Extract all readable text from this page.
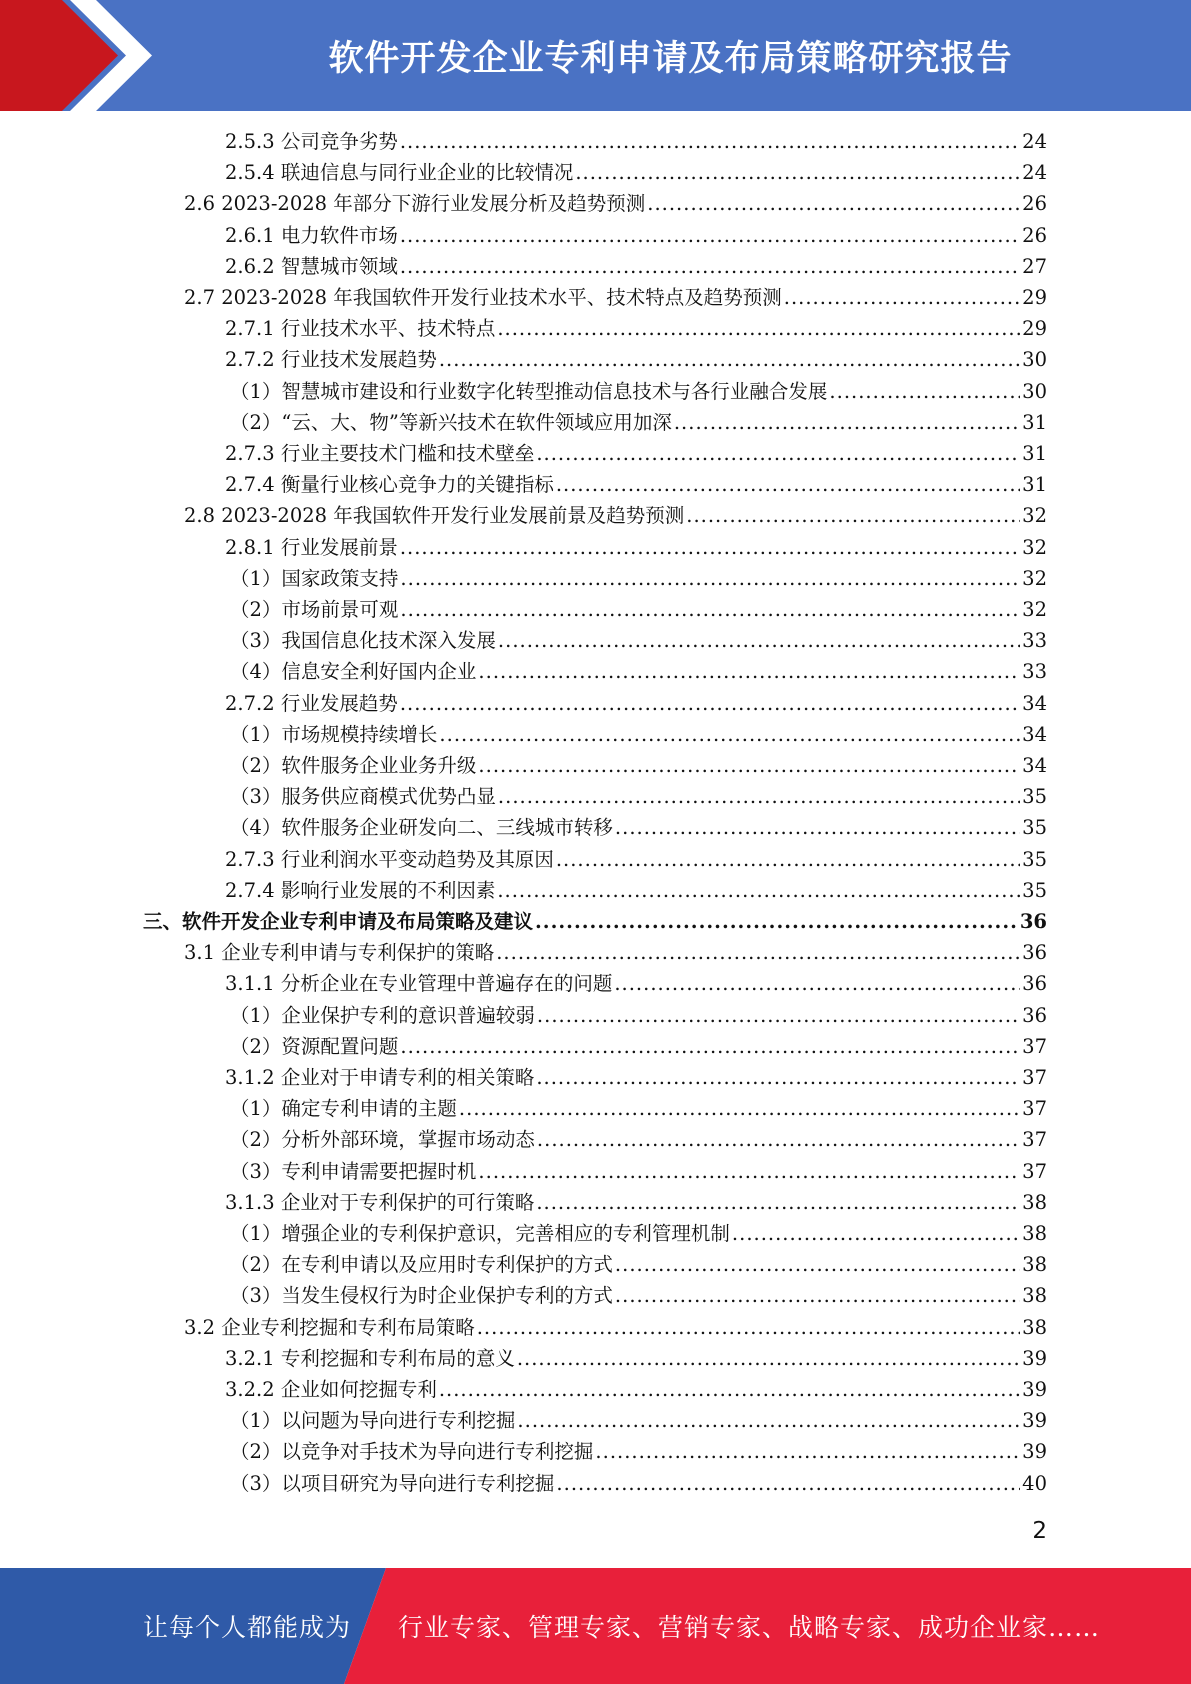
软件开发企业专利申请及布局策略研究报告
2.5.3 公司竞争劣势 .....	24
2.5.4 联迪信息与同行业企业的比较情况 .....	24
2.6 2023-2028 年部分下游行业发展分析及趋势预测 .....	26
2.6.1 电力软件市场 .....	26
2.6.2 智慧城市领域 .....	27
2.7 2023-2028 年我国软件开发行业技术水平、技术特点及趋势预测 .....	29
2.7.1 行业技术水平、技术特点 .....	29
2.7.2 行业技术发展趋势 .....	30
（1）智慧城市建设和行业数字化转型推动信息技术与各行业融合发展 .....	30
（2）“云、大、物”等新兴技术在软件领域应用加深 .....	31
2.7.3 行业主要技术门槛和技术壁垒 .....	31
2.7.4 衡量行业核心竞争力的关键指标 .....	31
2.8 2023-2028 年我国软件开发行业发展前景及趋势预测 .....	32
2.8.1 行业发展前景 .....	32
（1）国家政策支持 .....	32
（2）市场前景可观 .....	32
（3）我国信息化技术深入发展 .....	33
（4）信息安全利好国内企业 .....	33
2.7.2 行业发展趋势 .....	34
（1）市场规模持续增长 .....	34
（2）软件服务企业业务升级 .....	34
（3）服务供应商模式优势凸显 .....	35
（4）软件服务企业研发向二、三线城市转移 .....	35
2.7.3 行业利润水平变动趋势及其原因 .....	35
2.7.4 影响行业发展的不利因素 .....	35
三、软件开发企业专利申请及布局策略及建议 .....	36
3.1 企业专利申请与专利保护的策略 .....	36
3.1.1 分析企业在专业管理中普遍存在的问题 .....	36
（1）企业保护专利的意识普遍较弱 .....	36
（2）资源配置问题 .....	37
3.1.2 企业对于申请专利的相关策略 .....	37
（1）确定专利申请的主题 .....	37
（2）分析外部环境，掌握市场动态 .....	37
（3）专利申请需要把握时机 .....	37
3.1.3 企业对于专利保护的可行策略 .....	38
（1）增强企业的专利保护意识，完善相应的专利管理机制 .....	38
（2）在专利申请以及应用时专利保护的方式 .....	38
（3）当发生侵权行为时企业保护专利的方式 .....	38
3.2 企业专利挖掘和专利布局策略 .....	38
3.2.1 专利挖掘和专利布局的意义 .....	39
3.2.2 企业如何挖掘专利 .....	39
（1）以问题为导向进行专利挖掘 .....	39
（2）以竞争对手技术为导向进行专利挖掘 .....	39
（3）以项目研究为导向进行专利挖掘 .....	40
2
让每个人都能成为 行业专家、管理专家、营销专家、战略专家、成功企业家……
